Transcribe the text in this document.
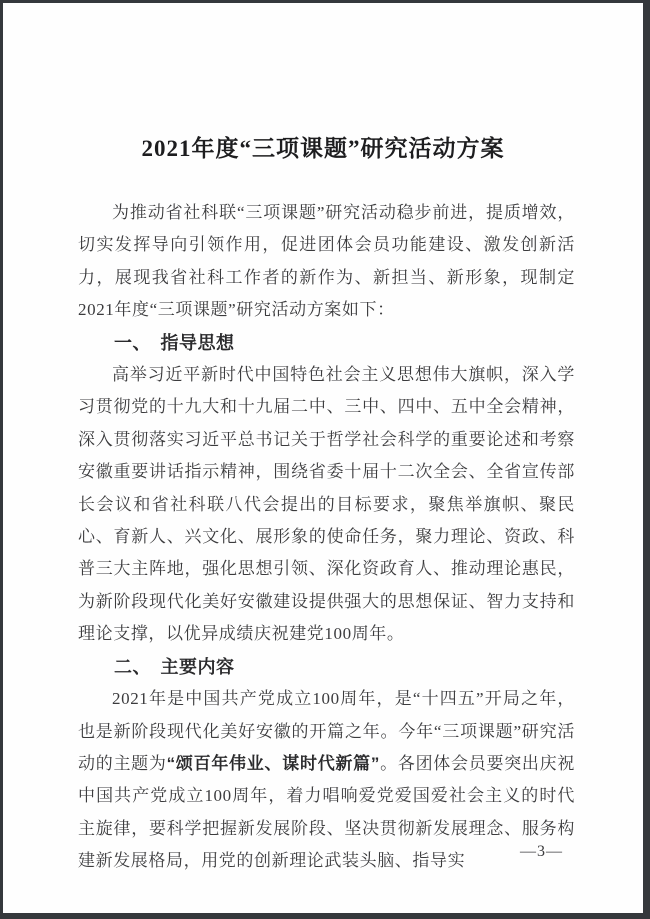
2021年度“三项课题”研究活动方案

为推动省社科联“三项课题”研究活动稳步前进，提质增效，切实发挥导向引领作用，促进团体会员功能建设、激发创新活力，展现我省社科工作者的新作为、新担当、新形象，现制定2021年度“三项课题”研究活动方案如下：

一、　指导思想

高举习近平新时代中国特色社会主义思想伟大旗帜，深入学习贯彻党的十九大和十九届二中、三中、四中、五中全会精神，深入贯彻落实习近平总书记关于哲学社会科学的重要论述和考察安徽重要讲话指示精神，围绕省委十届十二次全会、全省宣传部长会议和省社科联八代会提出的目标要求，聚焦举旗帜、聚民心、育新人、兴文化、展形象的使命任务，聚力理论、资政、科普三大主阵地，强化思想引领、深化资政育人、推动理论惠民，为新阶段现代化美好安徽建设提供强大的思想保证、智力支持和理论支撑，以优异成绩庆祝建党100周年。

二、　主要内容

2021年是中国共产党成立100周年，是“十四五”开局之年，也是新阶段现代化美好安徽的开篇之年。今年“三项课题”研究活动的主题为“颂百年伟业、谋时代新篇”。各团体会员要突出庆祝中国共产党成立100周年，着力唱响爱党爱国爱社会主义的时代主旋律，要科学把握新发展阶段、坚决贯彻新发展理念、服务构建新发展格局，用党的创新理论武装头脑、指导实	—3—
